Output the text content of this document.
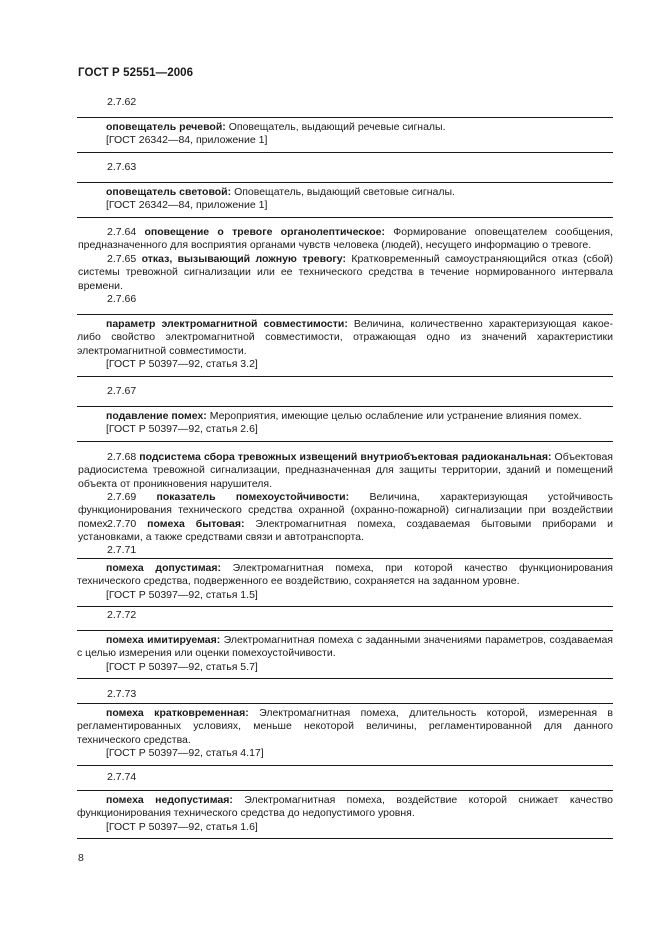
ГОСТ Р 52551—2006
2.7.62
оповещатель речевой: Оповещатель, выдающий речевые сигналы.
[ГОСТ 26342—84, приложение 1]
2.7.63
оповещатель световой: Оповещатель, выдающий световые сигналы.
[ГОСТ 26342—84, приложение 1]
2.7.64 оповещение о тревоге органолептическое: Формирование оповещателем сообщения, предназначенного для восприятия органами чувств человека (людей), несущего информацию о тревоге.
2.7.65 отказ, вызывающий ложную тревогу: Кратковременный самоустраняющийся отказ (сбой) системы тревожной сигнализации или ее технического средства в течение нормированного интервала времени.
2.7.66
параметр электромагнитной совместимости: Величина, количественно характеризующая какое-либо свойство электромагнитной совместимости, отражающая одно из значений характеристики электромагнитной совместимости.
[ГОСТ Р 50397—92, статья 3.2]
2.7.67
подавление помех: Мероприятия, имеющие целью ослабление или устранение влияния помех.
[ГОСТ Р 50397—92, статья 2.6]
2.7.68 подсистема сбора тревожных извещений внутриобъектовая радиоканальная: Объектовая радиосистема тревожной сигнализации, предназначенная для защиты территории, зданий и помещений объекта от проникновения нарушителя.
2.7.69 показатель помехоустойчивости: Величина, характеризующая устойчивость функционирования технического средства охранной (охранно-пожарной) сигнализации при воздействии помех.
2.7.70 помеха бытовая: Электромагнитная помеха, создаваемая бытовыми приборами и установками, а также средствами связи и автотранспорта.
2.7.71
помеха допустимая: Электромагнитная помеха, при которой качество функционирования технического средства, подверженного ее воздействию, сохраняется на заданном уровне.
[ГОСТ Р 50397—92, статья 1.5]
2.7.72
помеха имитируемая: Электромагнитная помеха с заданными значениями параметров, создаваемая с целью измерения или оценки помехоустойчивости.
[ГОСТ Р 50397—92, статья 5.7]
2.7.73
помеха кратковременная: Электромагнитная помеха, длительность которой, измеренная в регламентированных условиях, меньше некоторой величины, регламентированной для данного технического средства.
[ГОСТ Р 50397—92, статья 4.17]
2.7.74
помеха недопустимая: Электромагнитная помеха, воздействие которой снижает качество функционирования технического средства до недопустимого уровня.
[ГОСТ Р 50397—92, статья 1.6]
8
